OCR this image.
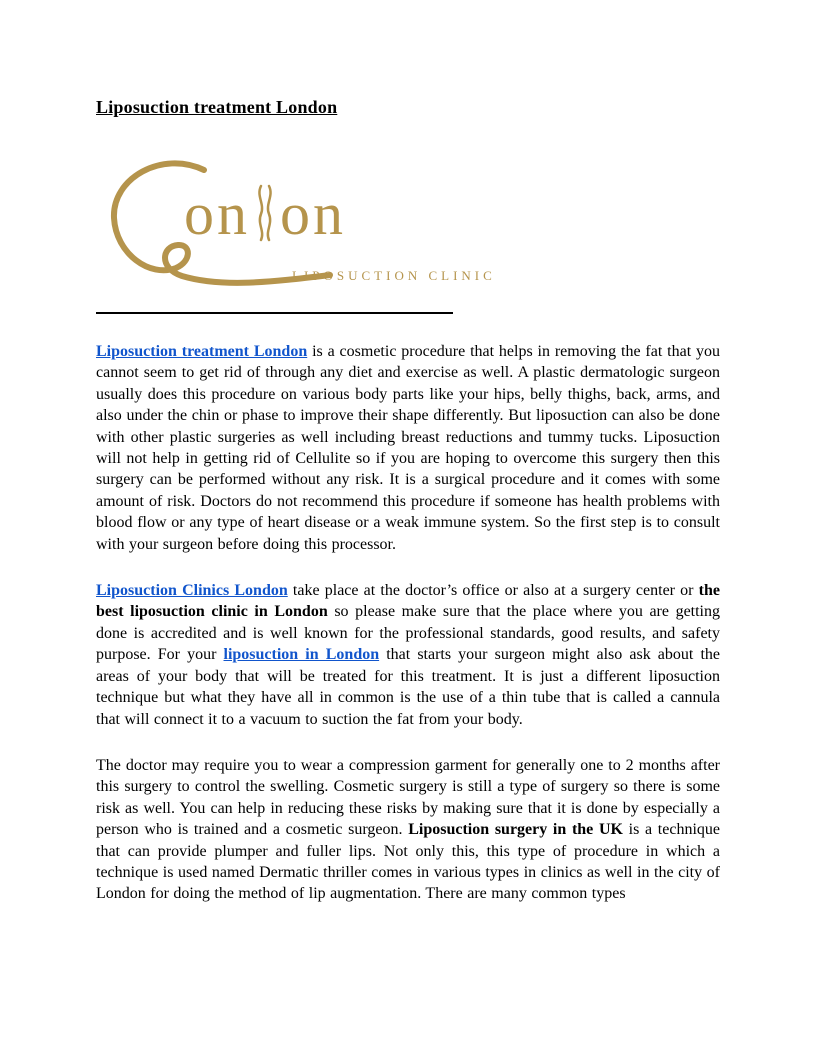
Liposuction treatment London
on on
LIPOSUCTION CLINIC

Liposuction treatment London is a cosmetic procedure that helps in removing the fat that you cannot seem to get rid of through any diet and exercise as well. A plastic dermatologic surgeon usually does this procedure on various body parts like your hips, belly thighs, back, arms, and also under the chin or phase to improve their shape differently. But liposuction can also be done with other plastic surgeries as well including breast reductions and tummy tucks. Liposuction will not help in getting rid of Cellulite so if you are hoping to overcome this surgery then this surgery can be performed without any risk. It is a surgical procedure and it comes with some amount of risk. Doctors do not recommend this procedure if someone has health problems with blood flow or any type of heart disease or a weak immune system. So the first step is to consult with your surgeon before doing this processor.

Liposuction Clinics London take place at the doctor’s office or also at a surgery center or the best liposuction clinic in London so please make sure that the place where you are getting done is accredited and is well known for the professional standards, good results, and safety purpose. For your liposuction in London that starts your surgeon might also ask about the areas of your body that will be treated for this treatment. It is just a different liposuction technique but what they have all in common is the use of a thin tube that is called a cannula that will connect it to a vacuum to suction the fat from your body.

The doctor may require you to wear a compression garment for generally one to 2 months after this surgery to control the swelling. Cosmetic surgery is still a type of surgery so there is some risk as well. You can help in reducing these risks by making sure that it is done by especially a person who is trained and a cosmetic surgeon. Liposuction surgery in the UK is a technique that can provide plumper and fuller lips. Not only this, this type of procedure in which a technique is used named Dermatic thriller comes in various types in clinics as well in the city of London for doing the method of lip augmentation. There are many common types
